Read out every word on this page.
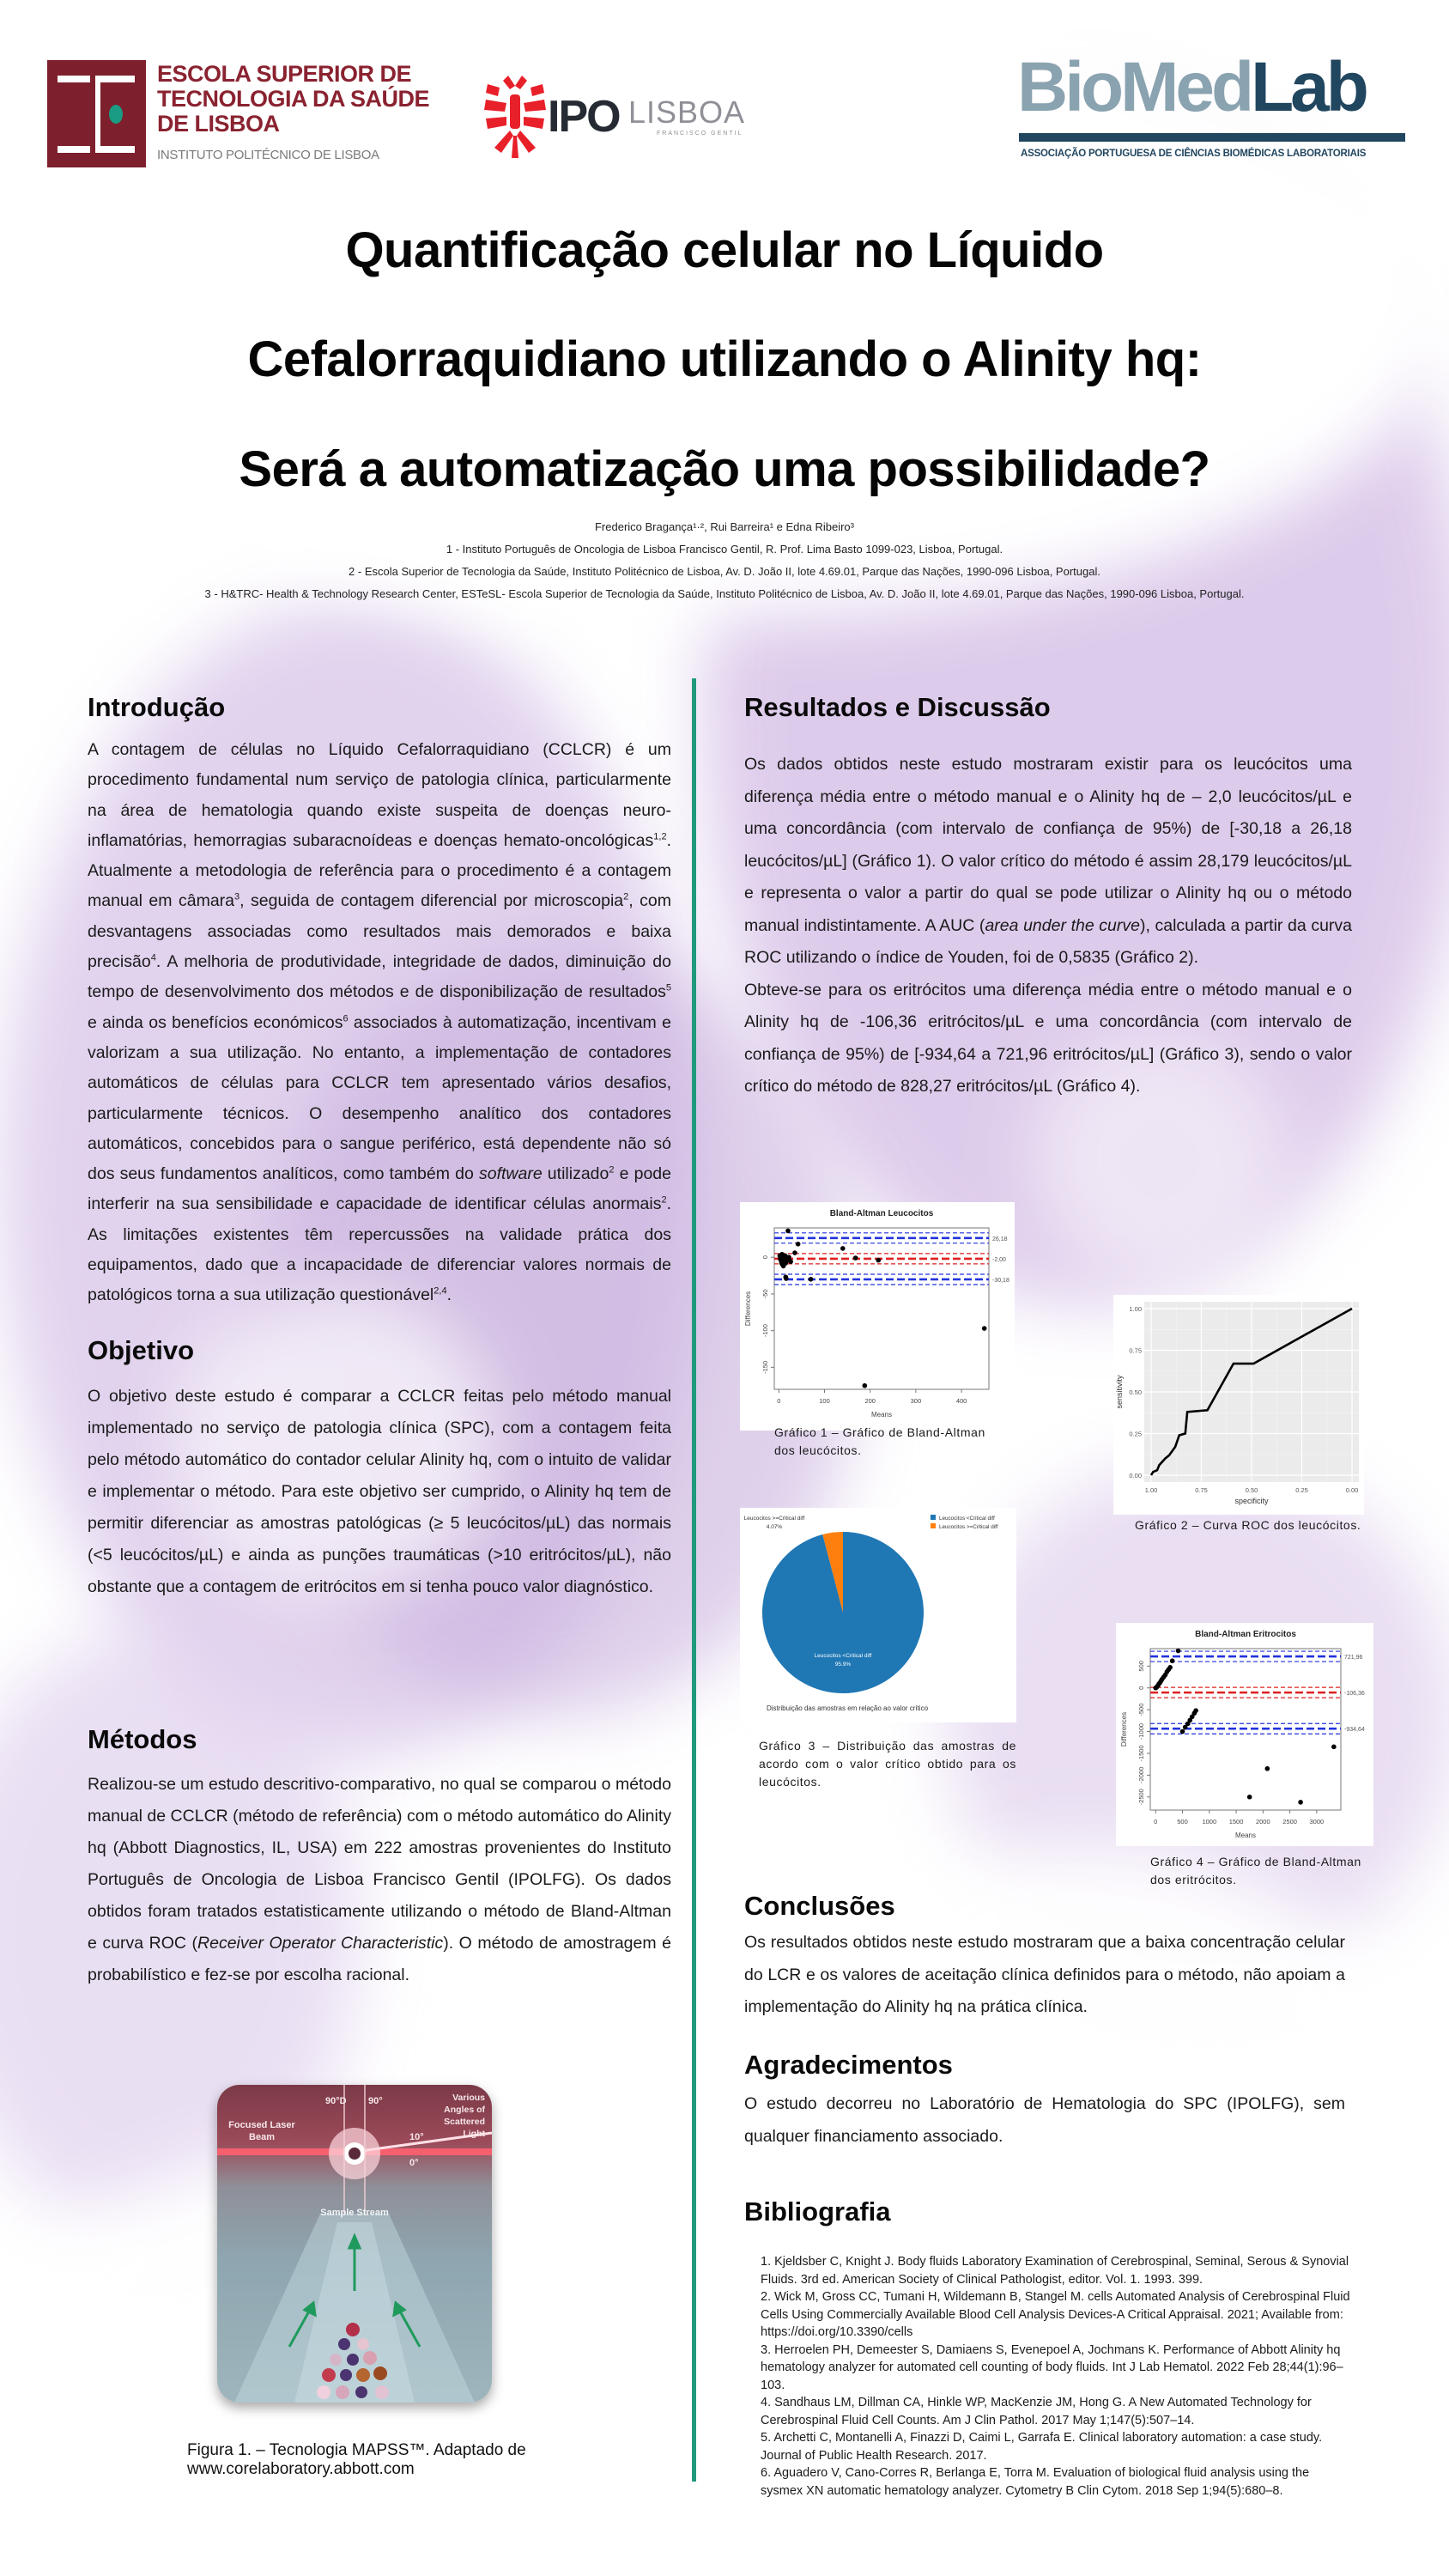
ESCOLA SUPERIOR DE
TECNOLOGIA DA SAÚDE
DE LISBOA
INSTITUTO POLITÉCNICO DE LISBOA
IPO LISBOA
FRANCISCO GENTIL
BioMedLab
ASSOCIAÇÃO PORTUGUESA DE CIÊNCIAS BIOMÉDICAS LABORATORIAIS
Quantificação celular no Líquido
Cefalorraquidiano utilizando o Alinity hq:
Será a automatização uma possibilidade?
Frederico Bragança¹·², Rui Barreira¹ e Edna Ribeiro³
1 - Instituto Português de Oncologia de Lisboa Francisco Gentil, R. Prof. Lima Basto 1099-023, Lisboa, Portugal.
2 - Escola Superior de Tecnologia da Saúde, Instituto Politécnico de Lisboa, Av. D. João II, lote 4.69.01, Parque das Nações, 1990-096 Lisboa, Portugal.
3 - H&TRC- Health & Technology Research Center, ESTeSL- Escola Superior de Tecnologia da Saúde, Instituto Politécnico de Lisboa, Av. D. João II, lote 4.69.01, Parque das Nações, 1990-096 Lisboa, Portugal.
Introdução
A contagem de células no Líquido Cefalorraquidiano (CCLCR) é um procedimento fundamental num serviço de patologia clínica, particularmente na área de hematologia quando existe suspeita de doenças neuro-inflamatórias, hemorragias subaracnoídeas e doenças hemato-oncológicas$^{1,2}$. Atualmente a metodologia de referência para o procedimento é a contagem manual em câmara$^3$, seguida de contagem diferencial por microscopia$^2$, com desvantagens associadas como resultados mais demorados e baixa precisão$^4$. A melhoria de produtividade, integridade de dados, diminuição do tempo de desenvolvimento dos métodos e de disponibilização de resultados$^5$ e ainda os benefícios económicos$^6$ associados à automatização, incentivam e valorizam a sua utilização. No entanto, a implementação de contadores automáticos de células para CCLCR tem apresentado vários desafios, particularmente técnicos. O desempenho analítico dos contadores automáticos, concebidos para o sangue periférico, está dependente não só dos seus fundamentos analíticos, como também do software utilizado$^2$ e pode interferir na sua sensibilidade e capacidade de identificar células anormais$^2$. As limitações existentes têm repercussões na validade prática dos equipamentos, dado que a incapacidade de diferenciar valores normais de patológicos torna a sua utilização questionável$^{2,4}$.
Objetivo
O objetivo deste estudo é comparar a CCLCR feitas pelo método manual implementado no serviço de patologia clínica (SPC), com a contagem feita pelo método automático do contador celular Alinity hq, com o intuito de validar e implementar o método. Para este objetivo ser cumprido, o Alinity hq tem de permitir diferenciar as amostras patológicas (≥ 5 leucócitos/µL) das normais (<5 leucócitos/µL) e ainda as punções traumáticas (>10 eritrócitos/µL), não obstante que a contagem de eritrócitos em si tenha pouco valor diagnóstico.
Métodos
Realizou-se um estudo descritivo-comparativo, no qual se comparou o método manual de CCLCR (método de referência) com o método automático do Alinity hq (Abbott Diagnostics, IL, USA) em 222 amostras provenientes do Instituto Português de Oncologia de Lisboa Francisco Gentil (IPOLFG). Os dados obtidos foram tratados estatisticamente utilizando o método de Bland-Altman e curva ROC (Receiver Operator Characteristic). O método de amostragem é probabilístico e fez-se por escolha racional.
Focused Laser
Beam
90°D 90°
10°
0°
Various
Angles of
Scattered
Light
Sample Stream
Figura 1. – Tecnologia MAPSS™. Adaptado de
www.corelaboratory.abbott.com
Resultados e Discussão
Os dados obtidos neste estudo mostraram existir para os leucócitos uma diferença média entre o método manual e o Alinity hq de – 2,0 leucócitos/µL e uma concordância (com intervalo de confiança de 95%) de [-30,18 a 26,18 leucócitos/µL] (Gráfico 1). O valor crítico do método é assim 28,179 leucócitos/µL e representa o valor a partir do qual se pode utilizar o Alinity hq ou o método manual indistintamente. A AUC (area under the curve), calculada a partir da curva ROC utilizando o índice de Youden, foi de 0,5835 (Gráfico 2).
Obteve-se para os eritrócitos uma diferença média entre o método manual e o Alinity hq de -106,36 eritrócitos/µL e uma concordância (com intervalo de confiança de 95%) de [-934,64 a 721,96 eritrócitos/µL] (Gráfico 3), sendo o valor crítico do método de 828,27 eritrócitos/µL (Gráfico 4).
Bland-Altman Leucocitos
0	100	200	300	400
0
-50
-100
-150
Means
Differences
26,18
-2,00
-30,18
Gráfico 1 – Gráfico de Bland-Altman dos leucócitos.
1.00	0.75	0.50	0.25	0.00
0.00
0.25
0.50
0.75
1.00
specificity
sensitivity
Gráfico 2 – Curva ROC dos leucócitos.
Leucocitos <Critical diff
95.9%
Leucocitos >=Critical diff
4.07%
Leucocitos <Critical diff
Leucocitos >=Critical diff
Distribuição das amostras em relação ao valor crítico
Gráfico 3 – Distribuição das amostras de acordo com o valor crítico obtido para os leucócitos.
Bland-Altman Eritrocitos
0	500 1000 1500 2000 2500 3000
500
0
-500
-1000
-1500
-2000
-2500
Means
Differences
721,96
-106,36
-934,64
Gráfico 4 – Gráfico de Bland-Altman dos eritrócitos.
Conclusões
Os resultados obtidos neste estudo mostraram que a baixa concentração celular do LCR e os valores de aceitação clínica definidos para o método, não apoiam a implementação do Alinity hq na prática clínica.
Agradecimentos
O estudo decorreu no Laboratório de Hematologia do SPC (IPOLFG), sem qualquer financiamento associado.
Bibliografia
1. Kjeldsber C, Knight J. Body fluids Laboratory Examination of Cerebrospinal, Seminal, Serous & Synovial Fluids. 3rd ed. American Society of Clinical Pathologist, editor. Vol. 1. 1993. 399.
2. Wick M, Gross CC, Tumani H, Wildemann B, Stangel M. cells Automated Analysis of Cerebrospinal Fluid Cells Using Commercially Available Blood Cell Analysis Devices-A Critical Appraisal. 2021; Available from: https://doi.org/10.3390/cells
3. Herroelen PH, Demeester S, Damiaens S, Evenepoel A, Jochmans K. Performance of Abbott Alinity hq hematology analyzer for automated cell counting of body fluids. Int J Lab Hematol. 2022 Feb 28;44(1):96–103.
4. Sandhaus LM, Dillman CA, Hinkle WP, MacKenzie JM, Hong G. A New Automated Technology for Cerebrospinal Fluid Cell Counts. Am J Clin Pathol. 2017 May 1;147(5):507–14.
5. Archetti C, Montanelli A, Finazzi D, Caimi L, Garrafa E. Clinical laboratory automation: a case study. Journal of Public Health Research. 2017.
6. Aguadero V, Cano-Corres R, Berlanga E, Torra M. Evaluation of biological fluid analysis using the sysmex XN automatic hematology analyzer. Cytometry B Clin Cytom. 2018 Sep 1;94(5):680–8.
